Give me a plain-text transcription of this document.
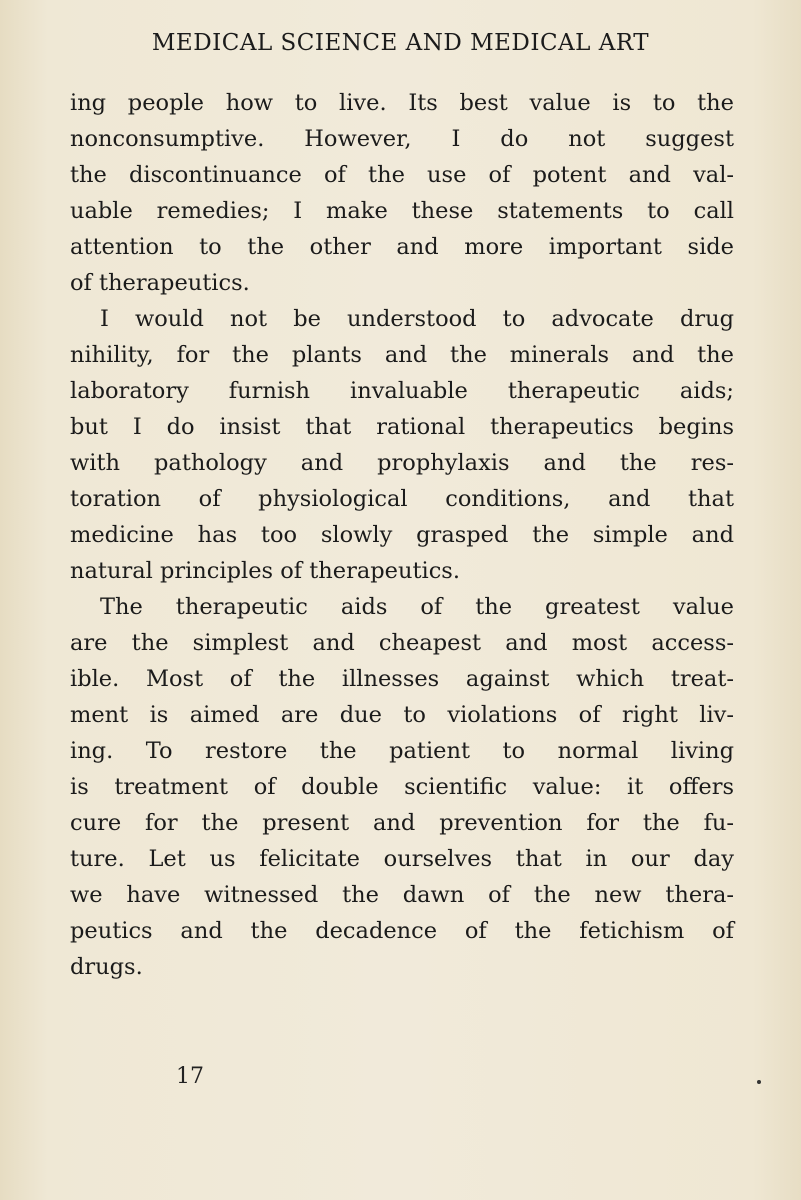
MEDICAL SCIENCE AND MEDICAL ART
ing people how to live. Its best value is to the
nonconsumptive. However, I do not suggest
the discontinuance of the use of potent and val-
uable remedies; I make these statements to call
attention to the other and more important side
of therapeutics.
I would not be understood to advocate drug
nihility, for the plants and the minerals and the
laboratory furnish invaluable therapeutic aids;
but I do insist that rational therapeutics begins
with pathology and prophylaxis and the res-
toration of physiological conditions, and that
medicine has too slowly grasped the simple and
natural principles of therapeutics.
The therapeutic aids of the greatest value
are the simplest and cheapest and most access-
ible. Most of the illnesses against which treat-
ment is aimed are due to violations of right liv-
ing. To restore the patient to normal living
is treatment of double scientific value: it offers
cure for the present and prevention for the fu-
ture. Let us felicitate ourselves that in our day
we have witnessed the dawn of the new thera-
peutics and the decadence of the fetichism of
drugs.
17
